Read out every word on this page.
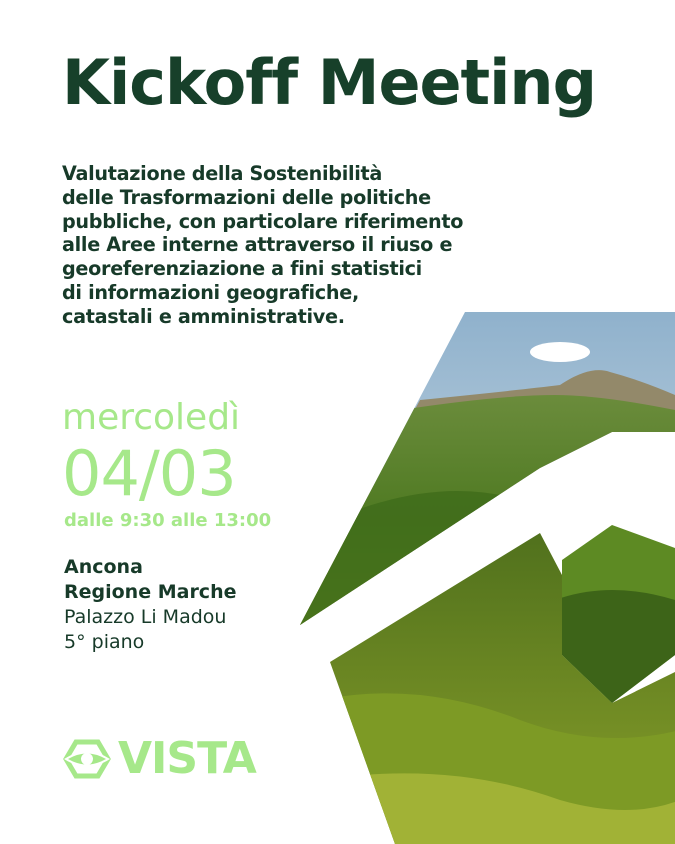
Kickoff Meeting
Valutazione della Sostenibilità
delle Trasformazioni delle politiche
pubbliche, con particolare riferimento
alle Aree interne attraverso il riuso e
georeferenziazione a fini statistici
di informazioni geografiche,
catastali e amministrative.
mercoledì
04/03
dalle 9:30 alle 13:00
Ancona
Regione Marche
Palazzo Li Madou
5° piano
VISTA
